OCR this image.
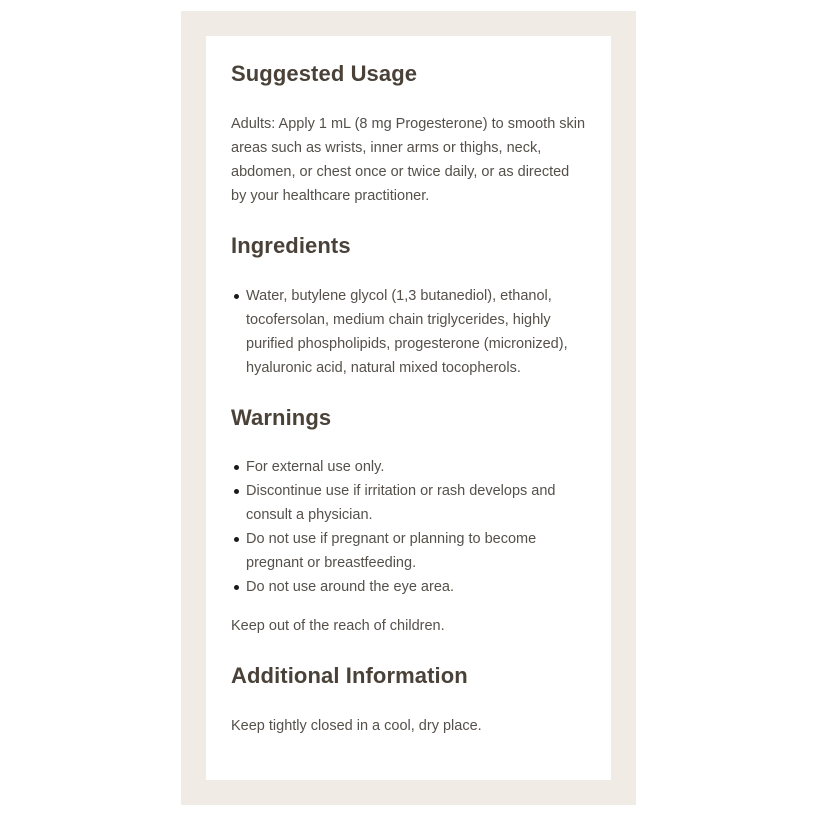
Suggested Usage

Adults: Apply 1 mL (8 mg Progesterone) to smooth skin areas such as wrists, inner arms or thighs, neck, abdomen, or chest once or twice daily, or as directed by your healthcare practitioner.

Ingredients
Water, butylene glycol (1,3 butanediol), ethanol, tocofersolan, medium chain triglycerides, highly purified phospholipids, progesterone (micronized), hyaluronic acid, natural mixed tocopherols.
Warnings
For external use only.
Discontinue use if irritation or rash develops and consult a physician.
Do not use if pregnant or planning to become pregnant or breastfeeding.
Do not use around the eye area.

Keep out of the reach of children.

Additional Information

Keep tightly closed in a cool, dry place.
